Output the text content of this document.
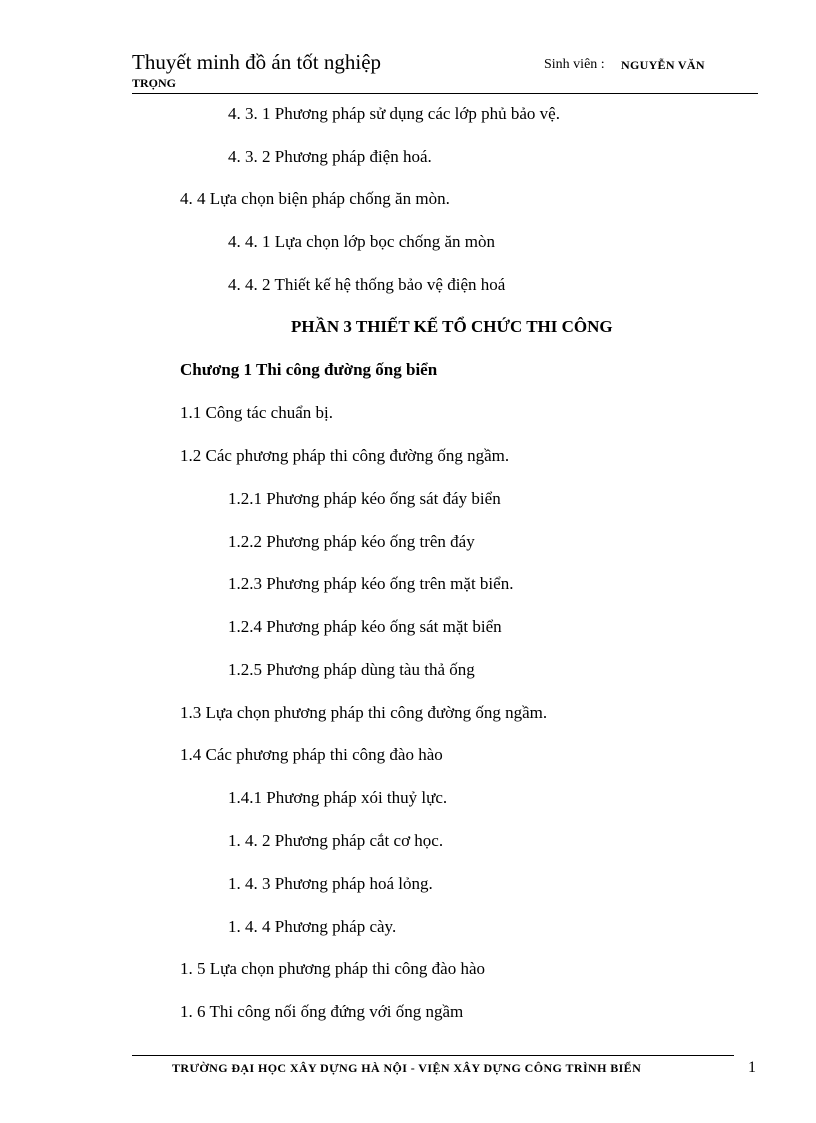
Thuyết minh đồ án tốt nghiệp	Sinh viên : NGUYỄN VĂN
TRỌNG
4. 3. 1 Phương pháp sử dụng các lớp phủ bảo vệ.
4. 3. 2 Phương pháp điện hoá.
4. 4 Lựa chọn biện pháp chống ăn mòn.
4. 4. 1 Lựa chọn lớp bọc chống ăn mòn
4. 4. 2 Thiết kế hệ thống bảo vệ điện hoá
PHẦN 3 THIẾT KẾ TỔ CHỨC THI CÔNG
Chương 1 Thi công đường ống biển
1.1 Công tác chuẩn bị.
1.2 Các phương pháp thi công đường ống ngầm.
1.2.1 Phương pháp kéo ống sát đáy biển
1.2.2 Phương pháp kéo ống trên đáy
1.2.3 Phương pháp kéo ống trên mặt biển.
1.2.4 Phương pháp kéo ống sát mặt biển
1.2.5 Phương pháp dùng tàu thả ống
1.3 Lựa chọn phương pháp thi công đường ống ngầm.
1.4 Các phương pháp thi công đào hào
1.4.1 Phương pháp xói thuỷ lực.
1. 4. 2 Phương pháp cắt cơ học.
1. 4. 3 Phương pháp hoá lỏng.
1. 4. 4 Phương pháp cày.
1. 5 Lựa chọn phương pháp thi công đào hào
1. 6 Thi công nối ống đứng với ống ngầm
TRƯỜNG ĐẠI HỌC XÂY DỰNG HÀ NỘI - VIỆN XÂY DỰNG CÔNG TRÌNH BIỂN	1
